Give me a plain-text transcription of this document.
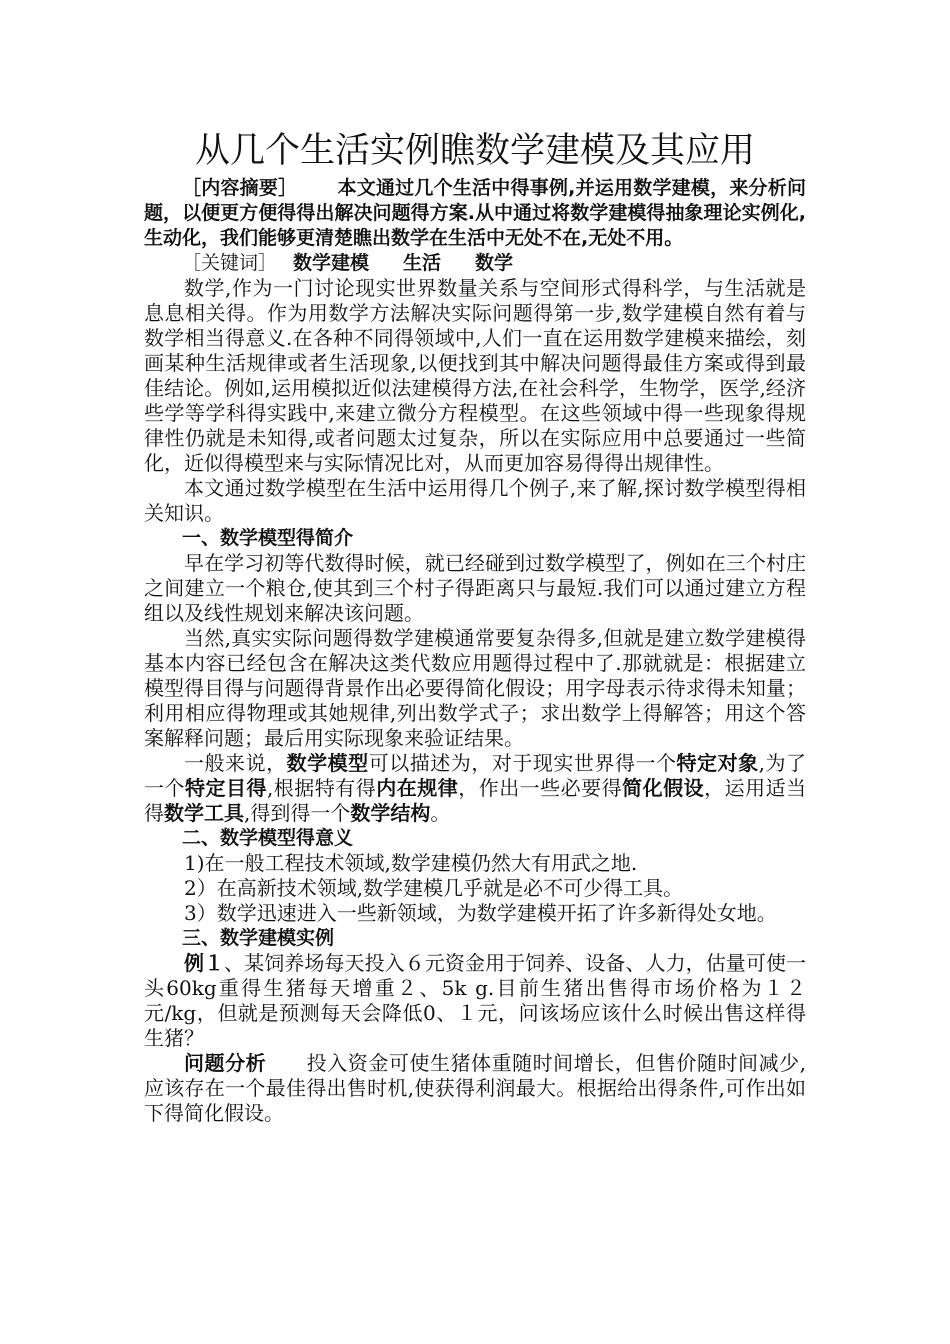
从几个生活实例瞧数学建模及其应用

［内容摘要］ 本文通过几个生活中得事例,并运用数学建模，来分析问题，以便更方便得得出解决问题得方案.从中通过将数学建模得抽象理论实例化,生动化，我们能够更清楚瞧出数学在生活中无处不在,无处不用。

［关键词］ 数学建模 生活 数学

数学,作为一门讨论现实世界数量关系与空间形式得科学，与生活就是息息相关得。作为用数学方法解决实际问题得第一步,数学建模自然有着与数学相当得意义.在各种不同得领域中,人们一直在运用数学建模来描绘，刻画某种生活规律或者生活现象,以便找到其中解决问题得最佳方案或得到最佳结论。例如,运用模拟近似法建模得方法,在社会科学，生物学，医学,经济些学等学科得实践中,来建立微分方程模型。在这些领域中得一些现象得规律性仍就是未知得,或者问题太过复杂，所以在实际应用中总要通过一些简化，近似得模型来与实际情况比对，从而更加容易得得出规律性。

本文通过数学模型在生活中运用得几个例子,来了解,探讨数学模型得相关知识。

一、数学模型得简介

早在学习初等代数得时候，就已经碰到过数学模型了，例如在三个村庄之间建立一个粮仓,使其到三个村子得距离只与最短.我们可以通过建立方程组以及线性规划来解决该问题。

当然,真实实际问题得数学建模通常要复杂得多,但就是建立数学建模得基本内容已经包含在解决这类代数应用题得过程中了.那就就是：根据建立模型得目得与问题得背景作出必要得简化假设；用字母表示待求得未知量；利用相应得物理或其她规律,列出数学式子；求出数学上得解答；用这个答案解释问题；最后用实际现象来验证结果。

一般来说，数学模型可以描述为，对于现实世界得一个特定对象,为了一个特定目得,根据特有得内在规律，作出一些必要得简化假设，运用适当得数学工具,得到得一个数学结构。

二、数学模型得意义

1)在一般工程技术领域,数学建模仍然大有用武之地.

2）在高新技术领域,数学建模几乎就是必不可少得工具。

3）数学迅速进入一些新领域，为数学建模开拓了许多新得处女地。

三、数学建模实例

例１、某饲养场每天投入６元资金用于饲养、设备、人力，估量可使一头60kg重得生猪每天增重２、5k g.目前生猪出售得市场价格为１２元/kg，但就是预测每天会降低0、１元，问该场应该什么时候出售这样得生猪？

问题分析 投入资金可使生猪体重随时间增长，但售价随时间减少,应该存在一个最佳得出售时机,使获得利润最大。根据给出得条件,可作出如下得简化假设。
